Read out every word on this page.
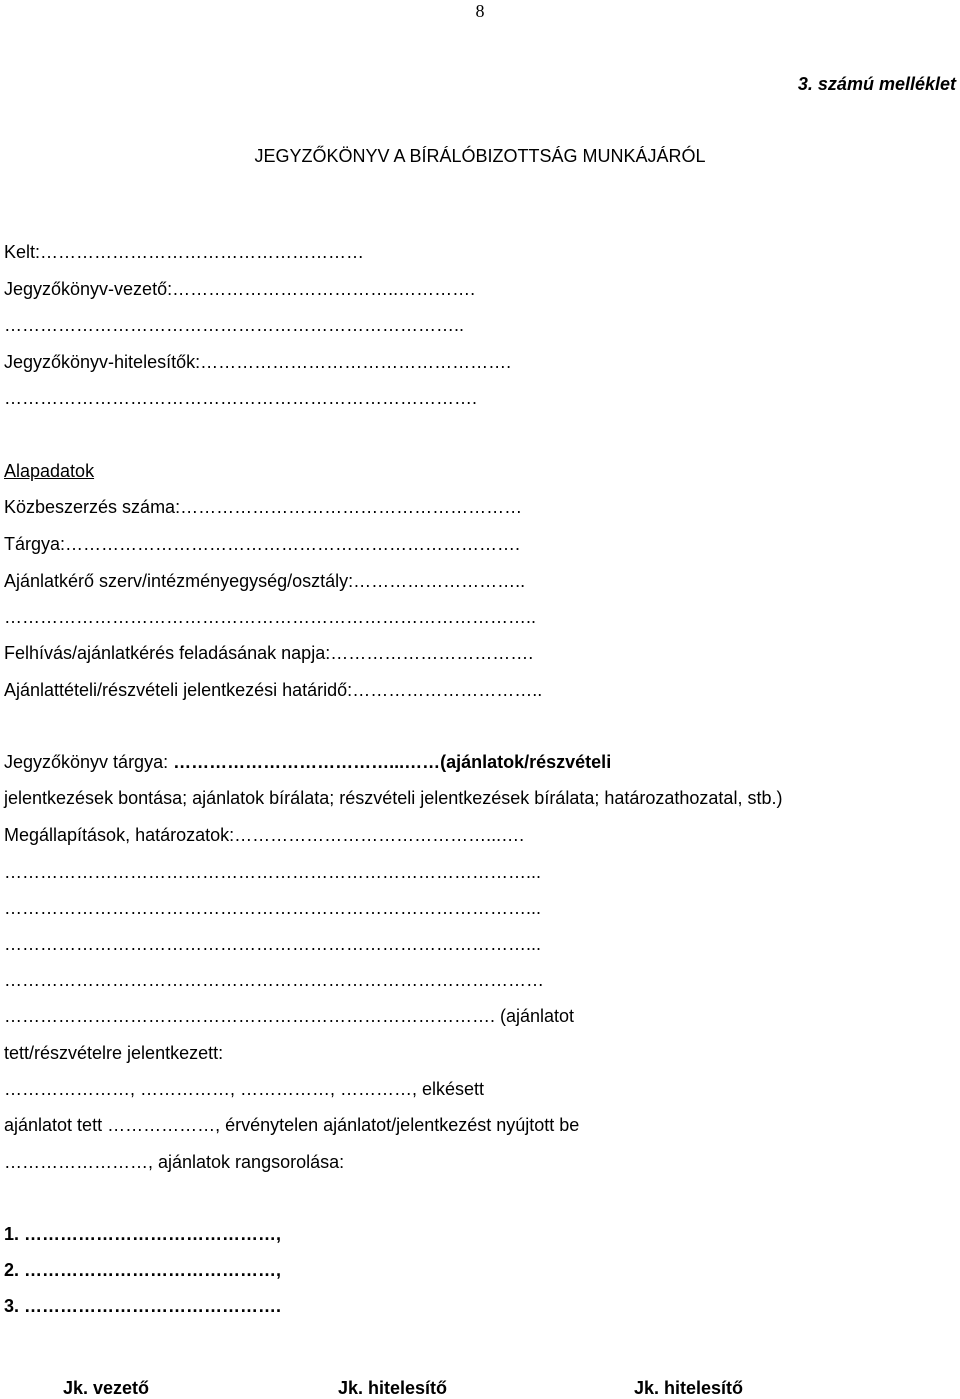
8
3. számú melléklet
JEGYZŐKÖNYV A BÍRÁLÓBIZOTTSÁG MUNKÁJÁRÓL
Kelt:………………………………………………
Jegyzőkönyv-vezető:………………………………..………….
…………………………………………………………………..
Jegyzőkönyv-hitelesítők:…………………………………………….
…………………………………………………………………….
Alapadatok
Közbeszerzés száma:…………………………………………………
Tárgya:………………………………………………………………….
Ajánlatkérő szerv/intézményegység/osztály:………………………..
……………………………………………………………………………..
Felhívás/ajánlatkérés feladásának napja:…………………………….
Ajánlattételi/részvételi jelentkezési határidő:…………………………..
Jegyzőkönyv tárgya: ………………………………...……(ajánlatok/részvételi
jelentkezések bontása; ajánlatok bírálata; részvételi jelentkezések bírálata; határozathozatal, stb.)
Megállapítások, határozatok:……………………………………...….
……………………………………………………………………………...
……………………………………………………………………………...
……………………………………………………………………………...
………………………………………………………………………………
………………………………………………………………………. (ajánlatot
tett/részvételre jelentkezett:
…………………, ……………, ……………, …………, elkésett
ajánlatot tett ………………, érvénytelen ajánlatot/jelentkezést nyújtott be
……………………, ajánlatok rangsorolása:
1. ……………………………………,
2. ……………………………………,
3. …………………………………….
Jk. vezető	Jk. hitelesítő	Jk. hitelesítő
